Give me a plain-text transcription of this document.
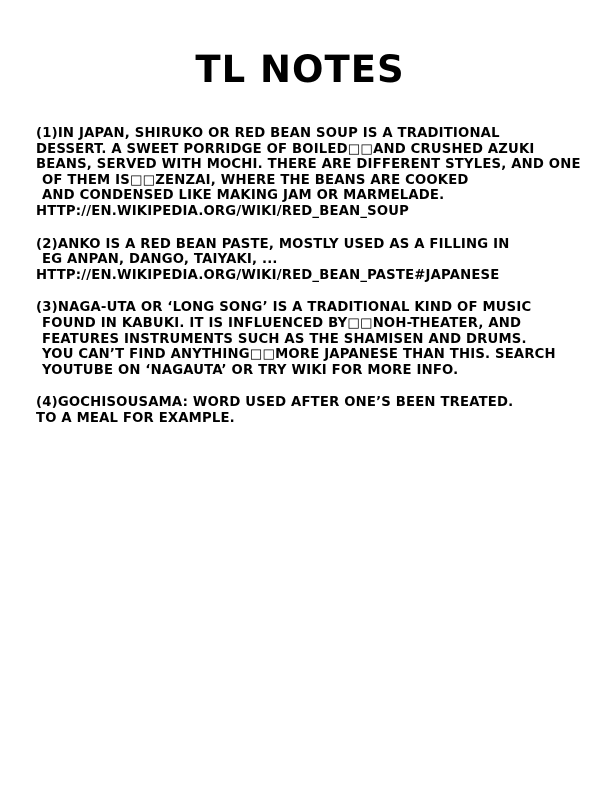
TL NOTES
(1)IN JAPAN, SHIRUKO OR RED BEAN SOUP IS A TRADITIONAL
DESSERT. A SWEET PORRIDGE OF BOILED□□AND CRUSHED AZUKI
BEANS, SERVED WITH MOCHI. THERE ARE DIFFERENT STYLES, AND ONE
OF THEM IS□□ZENZAI, WHERE THE BEANS ARE COOKED
AND CONDENSED LIKE MAKING JAM OR MARMELADE.
HTTP://EN.WIKIPEDIA.ORG/WIKI/RED_BEAN_SOUP
(2)ANKO IS A RED BEAN PASTE, MOSTLY USED AS A FILLING IN
EG ANPAN, DANGO, TAIYAKI, ...
HTTP://EN.WIKIPEDIA.ORG/WIKI/RED_BEAN_PASTE#JAPANESE
(3)NAGA-UTA OR ‘LONG SONG’ IS A TRADITIONAL KIND OF MUSIC
FOUND IN KABUKI. IT IS INFLUENCED BY□□NOH-THEATER, AND
FEATURES INSTRUMENTS SUCH AS THE SHAMISEN AND DRUMS.
YOU CAN’T FIND ANYTHING□□MORE JAPANESE THAN THIS. SEARCH
YOUTUBE ON ‘NAGAUTA’ OR TRY WIKI FOR MORE INFO.
(4)GOCHISOUSAMA: WORD USED AFTER ONE’S BEEN TREATED.
TO A MEAL FOR EXAMPLE.
